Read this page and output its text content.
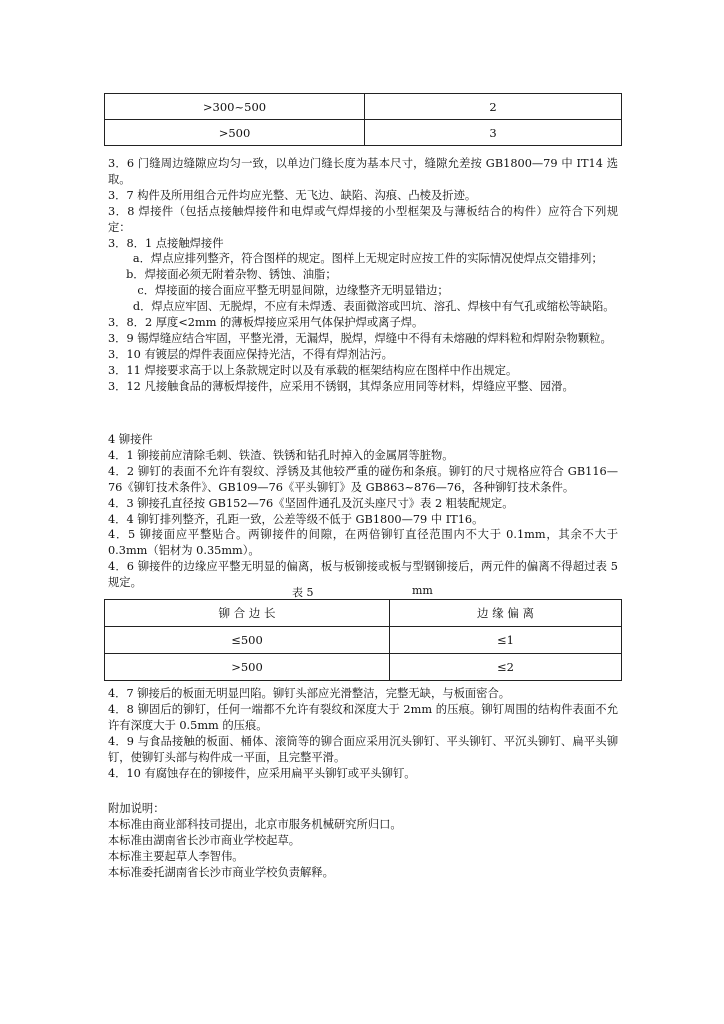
>300~500	2
>500	3

3．6 门缝周边缝隙应均匀一致，以单边门缝长度为基本尺寸，缝隙允差按 GB1800—79 中 IT14 选取。

3．7 构件及所用组合元件均应光整、无飞边、缺陷、沟痕、凸棱及折迹。

3．8 焊接件（包括点接触焊接件和电焊或气焊焊接的小型框架及与薄板结合的构件）应符合下列规定：

3．8．1 点接触焊接件

a．焊点应排列整齐，符合图样的规定。图样上无规定时应按工件的实际情况使焊点交错排列；

b．焊接面必须无附着杂物、锈蚀、油脂；

c．焊接面的接合面应平整无明显间隙，边缘整齐无明显错边；

d．焊点应牢固、无脱焊，不应有未焊透、表面微溶或凹坑、溶孔、焊核中有气孔或缩松等缺陷。

3．8．2 厚度<2mm 的薄板焊接应采用气体保护焊或离子焊。

3．9 锡焊缝应结合牢固，平整光滑，无漏焊，脱焊，焊缝中不得有未熔融的焊料粒和焊附杂物颗粒。

3．10 有镀层的焊件表面应保持光洁，不得有焊剂沾污。

3．11 焊接要求高于以上条款规定时以及有承载的框架结构应在图样中作出规定。

3．12 凡接触食品的薄板焊接件，应采用不锈钢，其焊条应用同等材料，焊缝应平整、园滑。

4 铆接件

4．1 铆接前应清除毛刺、铁渣、铁锈和钻孔时掉入的金属屑等脏物。

4．2 铆钉的表面不允许有裂纹、浮锈及其他较严重的碰伤和条痕。铆钉的尺寸规格应符合 GB116—76《铆钉技术条件》、GB109—76《平头铆钉》及 GB863~876—76，各种铆钉技术条件。

4．3 铆接孔直径按 GB152—76《坚固件通孔及沉头座尺寸》表 2 粗装配规定。

4．4 铆钉排列整齐，孔距一致，公差等级不低于 GB1800—79 中 IT16。

4．5 铆接面应平整贴合。两铆接件的间隙，在两倍铆钉直径范围内不大于 0.1mm，其余不大于 0.3mm（铝材为 0.35mm）。

4．6 铆接件的边缘应平整无明显的偏离，板与板铆接或板与型钢铆接后，两元件的偏离不得超过表 5 规定。

表 5	mm
铆 合 边 长	边 缘 偏 离
≤500	≤1
>500	≤2

4．7 铆接后的板面无明显凹陷。铆钉头部应光滑整洁，完整无缺，与板面密合。

4．8 铆固后的铆钉，任何一端都不允许有裂纹和深度大于 2mm 的压痕。铆钉周围的结构件表面不允许有深度大于 0.5mm 的压痕。

4．9 与食品接触的板面、桶体、滚筒等的铆合面应采用沉头铆钉、平头铆钉、平沉头铆钉、扁平头铆钉，使铆钉头部与构件成一平面，且完整平滑。

4．10 有腐蚀存在的铆接件，应采用扁平头铆钉或平头铆钉。

附加说明：

本标准由商业部科技司提出，北京市服务机械研究所归口。

本标准由湖南省长沙市商业学校起草。

本标准主要起草人李智伟。

本标准委托湖南省长沙市商业学校负责解释。
